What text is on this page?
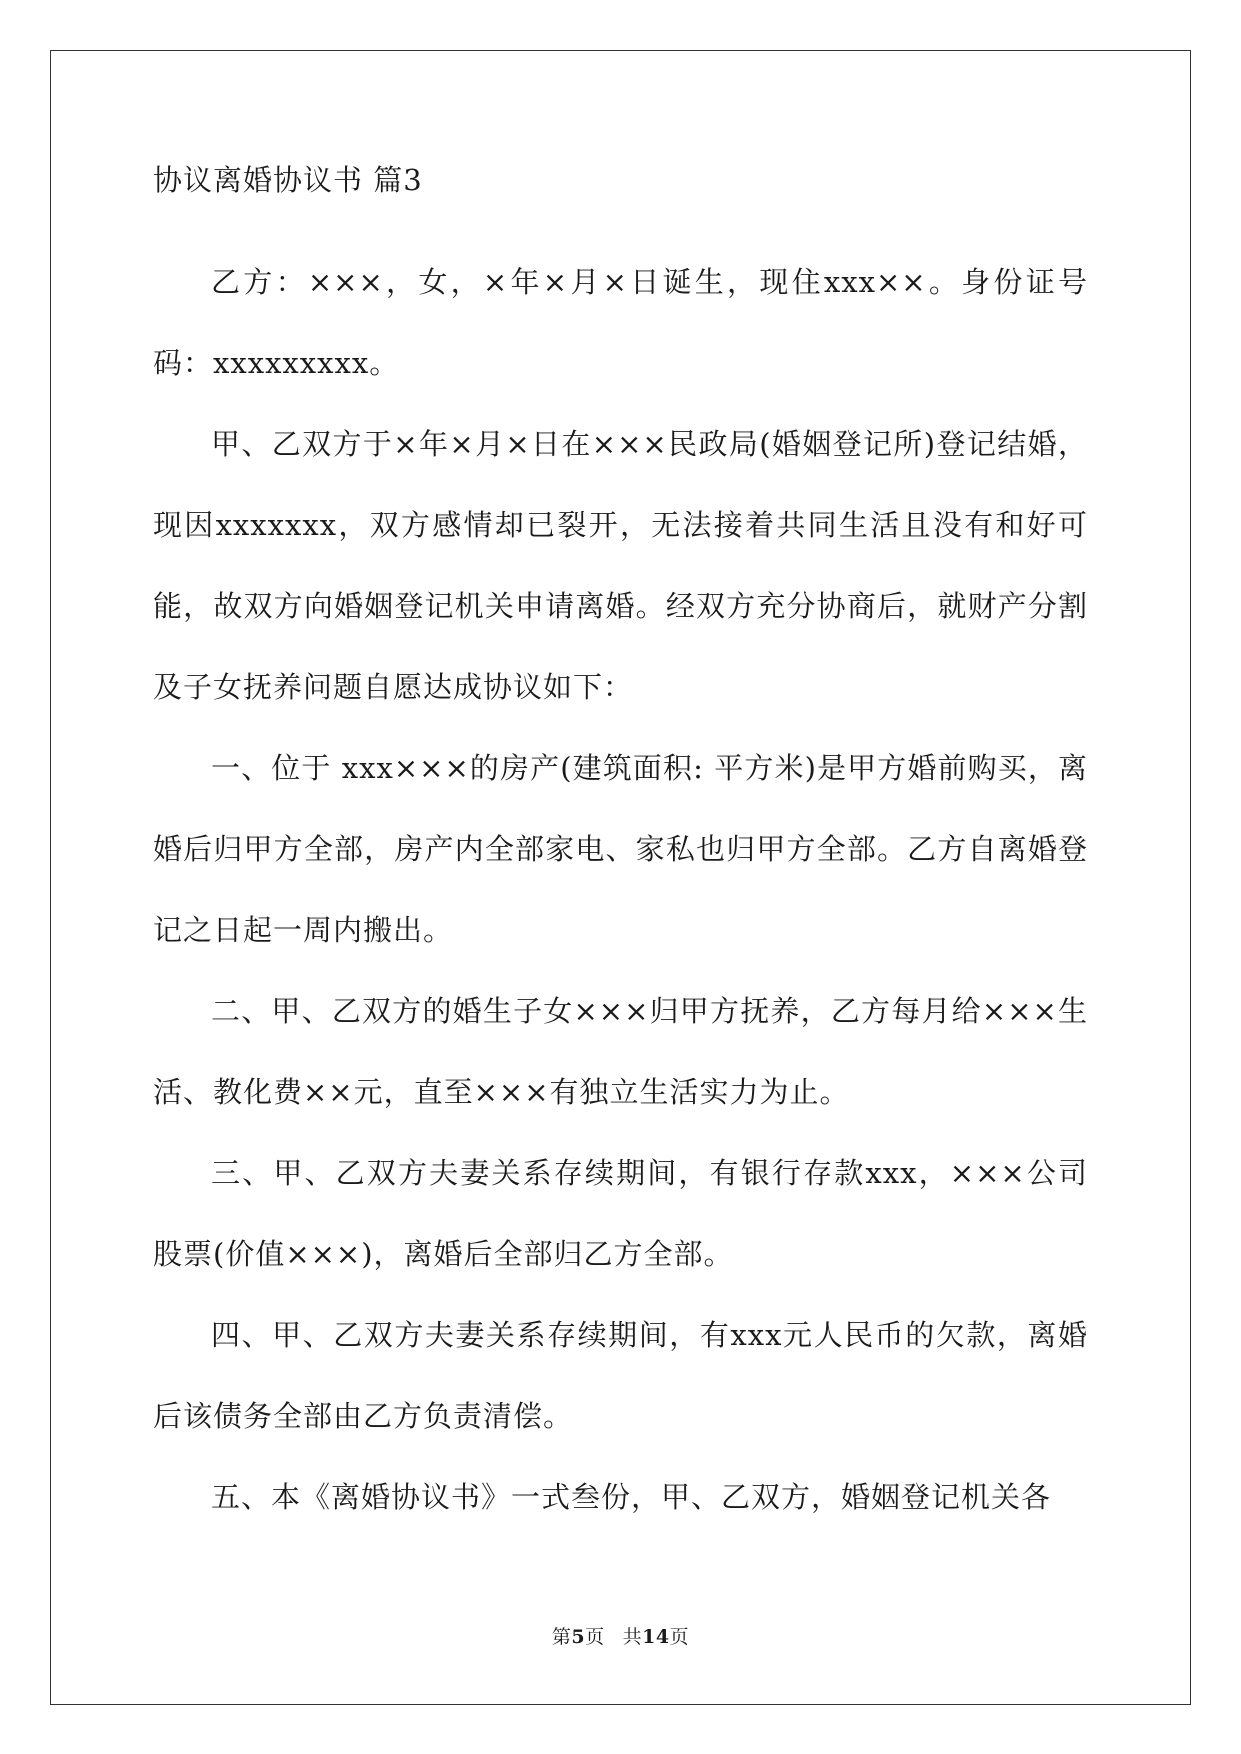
协议离婚协议书 篇3

乙方：×××，女，×年×月×日诞生，现住xxx××。身份证号码：xxxxxxxxx。

甲、乙双方于×年×月×日在×××民政局(婚姻登记所)登记结婚，现因xxxxxxx，双方感情却已裂开，无法接着共同生活且没有和好可能，故双方向婚姻登记机关申请离婚。经双方充分协商后，就财产分割及子女抚养问题自愿达成协议如下：

一、位于 xxx×××的房产(建筑面积: 平方米)是甲方婚前购买，离婚后归甲方全部，房产内全部家电、家私也归甲方全部。乙方自离婚登记之日起一周内搬出。

二、甲、乙双方的婚生子女×××归甲方抚养，乙方每月给×××生活、教化费××元，直至×××有独立生活实力为止。

三、甲、乙双方夫妻关系存续期间，有银行存款xxx，×××公司股票(价值×××)，离婚后全部归乙方全部。

四、甲、乙双方夫妻关系存续期间，有xxx元人民币的欠款，离婚后该债务全部由乙方负责清偿。

五、本《离婚协议书》一式叁份，甲、乙双方，婚姻登记机关各

第5页 共14页
